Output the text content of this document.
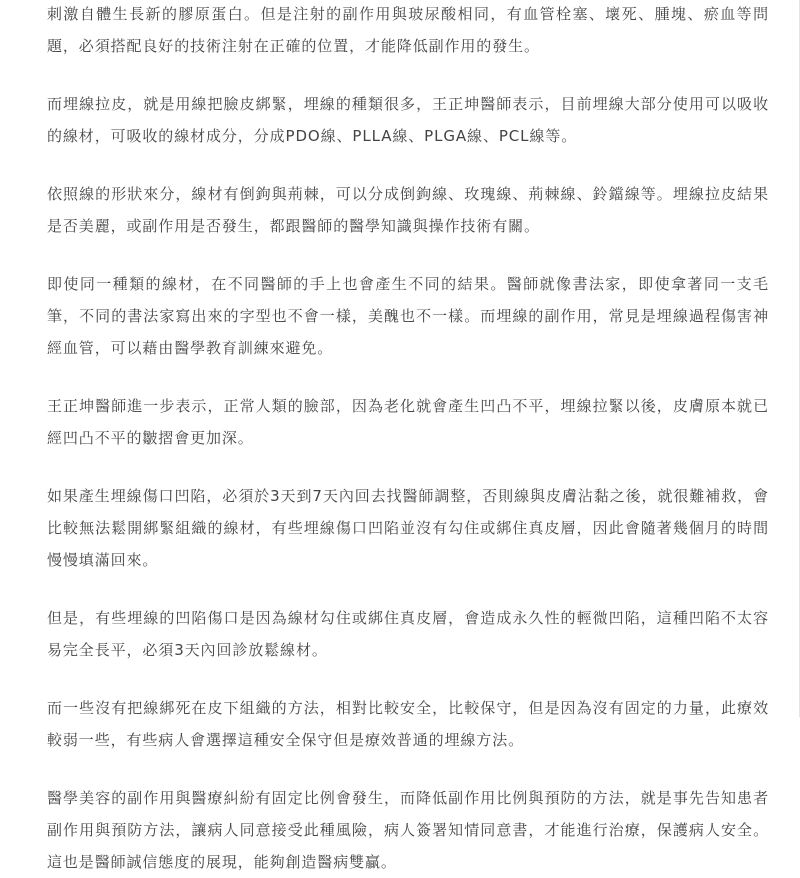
刺激自體生長新的膠原蛋白。但是注射的副作用與玻尿酸相同，有血管栓塞、壞死、腫塊、瘀血等問題，必須搭配良好的技術注射在正確的位置，才能降低副作用的發生。

而埋線拉皮，就是用線把臉皮綁緊，埋線的種類很多，王正坤醫師表示，目前埋線大部分使用可以吸收的線材，可吸收的線材成分，分成PDO線、PLLA線、PLGA線、PCL線等。

依照線的形狀來分，線材有倒鉤與荊棘，可以分成倒鉤線、玫瑰線、荊棘線、鈴鐺線等。埋線拉皮結果是否美麗，或副作用是否發生，都跟醫師的醫學知識與操作技術有關。

即使同一種類的線材，在不同醫師的手上也會產生不同的結果。醫師就像書法家，即使拿著同一支毛筆，不同的書法家寫出來的字型也不會一樣，美醜也不一樣。而埋線的副作用，常見是埋線過程傷害神經血管，可以藉由醫學教育訓練來避免。

王正坤醫師進一步表示，正常人類的臉部，因為老化就會產生凹凸不平，埋線拉緊以後，皮膚原本就已經凹凸不平的皺摺會更加深。

如果產生埋線傷口凹陷，必須於3天到7天內回去找醫師調整，否則線與皮膚沾黏之後，就很難補救，會比較無法鬆開綁緊組織的線材，有些埋線傷口凹陷並沒有勾住或綁住真皮層，因此會隨著幾個月的時間慢慢填滿回來。

但是，有些埋線的凹陷傷口是因為線材勾住或綁住真皮層，會造成永久性的輕微凹陷，這種凹陷不太容易完全長平，必須3天內回診放鬆線材。

而一些沒有把線綁死在皮下組織的方法，相對比較安全，比較保守，但是因為沒有固定的力量，此療效較弱一些，有些病人會選擇這種安全保守但是療效普通的埋線方法。

醫學美容的副作用與醫療糾紛有固定比例會發生，而降低副作用比例與預防的方法，就是事先告知患者副作用與預防方法，讓病人同意接受此種風險，病人簽署知情同意書，才能進行治療，保護病人安全。這也是醫師誠信態度的展現，能夠創造醫病雙贏。
